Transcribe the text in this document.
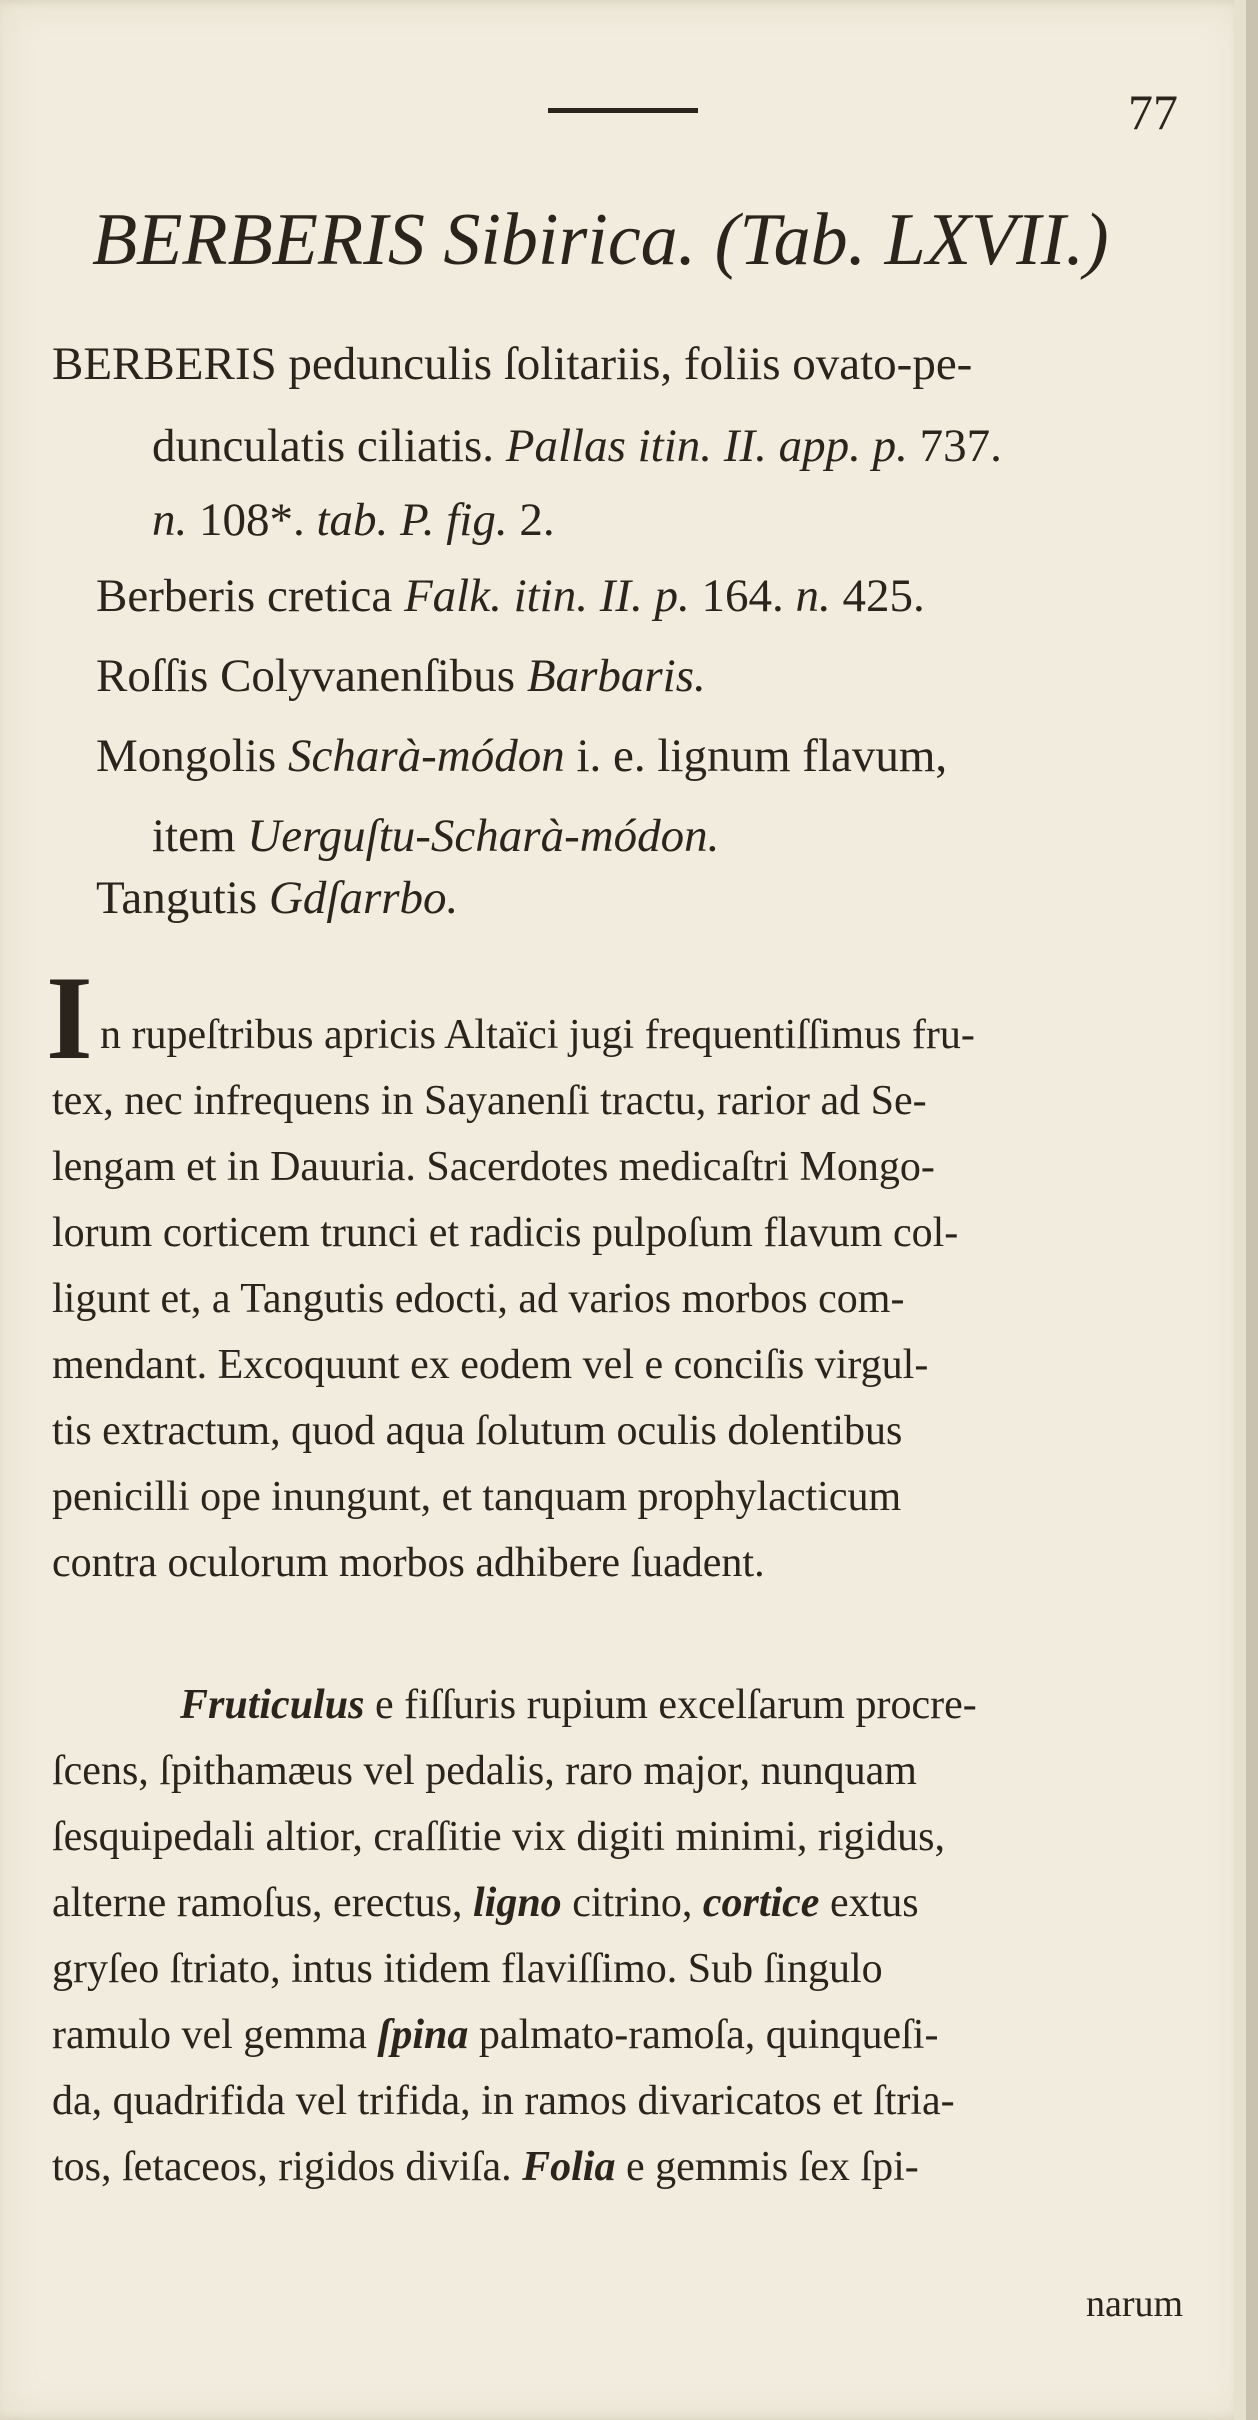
77
BERBERIS Sibirica. (Tab. LXVII.)
BERBERIS pedunculis ſolitariis, foliis ovato-pe-
dunculatis ciliatis. Pallas itin. II. app. p. 737.
n. 108*. tab. P. fig. 2.
Berberis cretica Falk. itin. II. p. 164. n. 425.
Roſſis Colyvanenſibus Barbaris.
Mongolis Scharà-módon i. e. lignum flavum,
item Uerguſtu-Scharà-módon.
Tangutis Gdſarrbo.
I n rupeſtribus apricis Altaïci jugi frequentiſſimus fru-
tex, nec infrequens in Sayanenſi tractu, rarior ad Se-
lengam et in Dauuria. Sacerdotes medicaſtri Mongo-
lorum corticem trunci et radicis pulpoſum flavum col-
ligunt et, a Tangutis edocti, ad varios morbos com-
mendant. Excoquunt ex eodem vel e conciſis virgul-
tis extractum, quod aqua ſolutum oculis dolentibus
penicilli ope inungunt, et tanquam prophylacticum
contra oculorum morbos adhibere ſuadent.
Fruticulus e fiſſuris rupium excelſarum procre-
ſcens, ſpithamæus vel pedalis, raro major, nunquam
ſesquipedali altior, craſſitie vix digiti minimi, rigidus,
alterne ramoſus, erectus, ligno citrino, cortice extus
gryſeo ſtriato, intus itidem flaviſſimo. Sub ſingulo
ramulo vel gemma ſpina palmato-ramoſa, quinqueſi-
da, quadrifida vel trifida, in ramos divaricatos et ſtria-
tos, ſetaceos, rigidos diviſa. Folia e gemmis ſex ſpi-
narum
